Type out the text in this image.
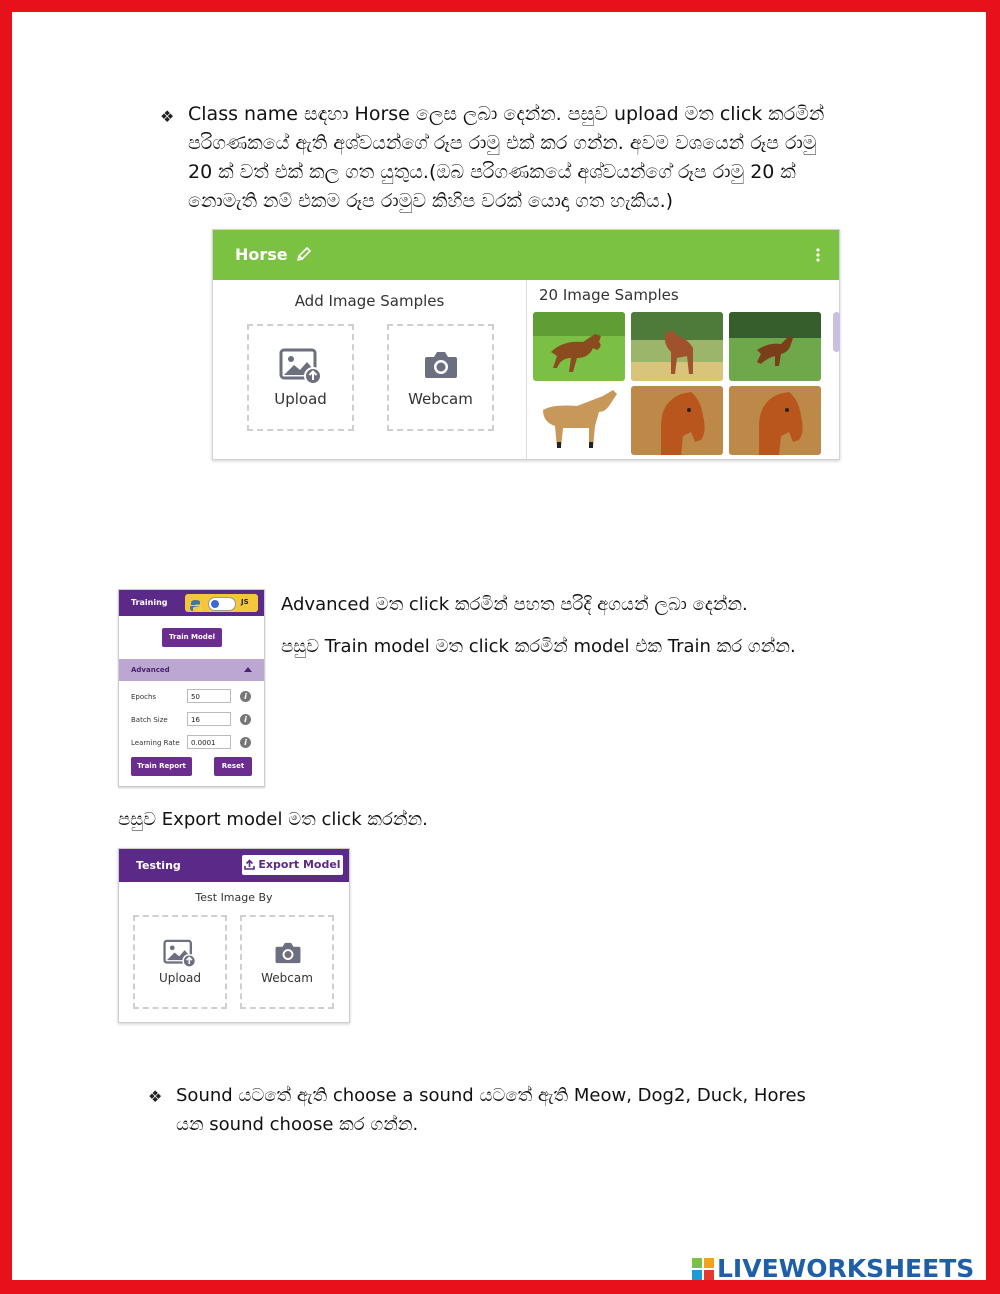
❖ Class name සඳහා Horse ලෙස ලබා දෙන්න. පසුව upload මත click කරමින්
පරිගණකයේ ඇති අශ්වයන්ගේ රූප රාමු එක් කර ගන්න. අවම වශයෙන් රූප රාමු
20 ක් වත් එක් කල ගත යුතුය.(ඔබ පරිගණකයේ අශ්වයන්ගේ රූප රාමු 20 ක්
නොමැති නම් එකම රූප රාමුව කිහිප වරක් යොදා ගත හැකිය.)
Horse
Add Image Samples
Upload	Webcam
20 Image Samples
Training	JS
Train Model
Advanced
Epochs	50	i
Batch Size	16	i
Learning Rate	0.0001	i
Train Report	Reset
Advanced මත click කරමින් පහත පරිදි අගයන් ලබා දෙන්න.
පසුව Train model මත click කරමින් model එක Train කර ගන්න.
පසුව Export model මත click කරන්න.
Testing	Export Model
Test Image By
Upload	Webcam
❖ Sound යටතේ ඇති choose a sound යටතේ ඇති Meow, Dog2, Duck, Hores
යන sound choose කර ගන්න.
LIVEWORKSHEETS
